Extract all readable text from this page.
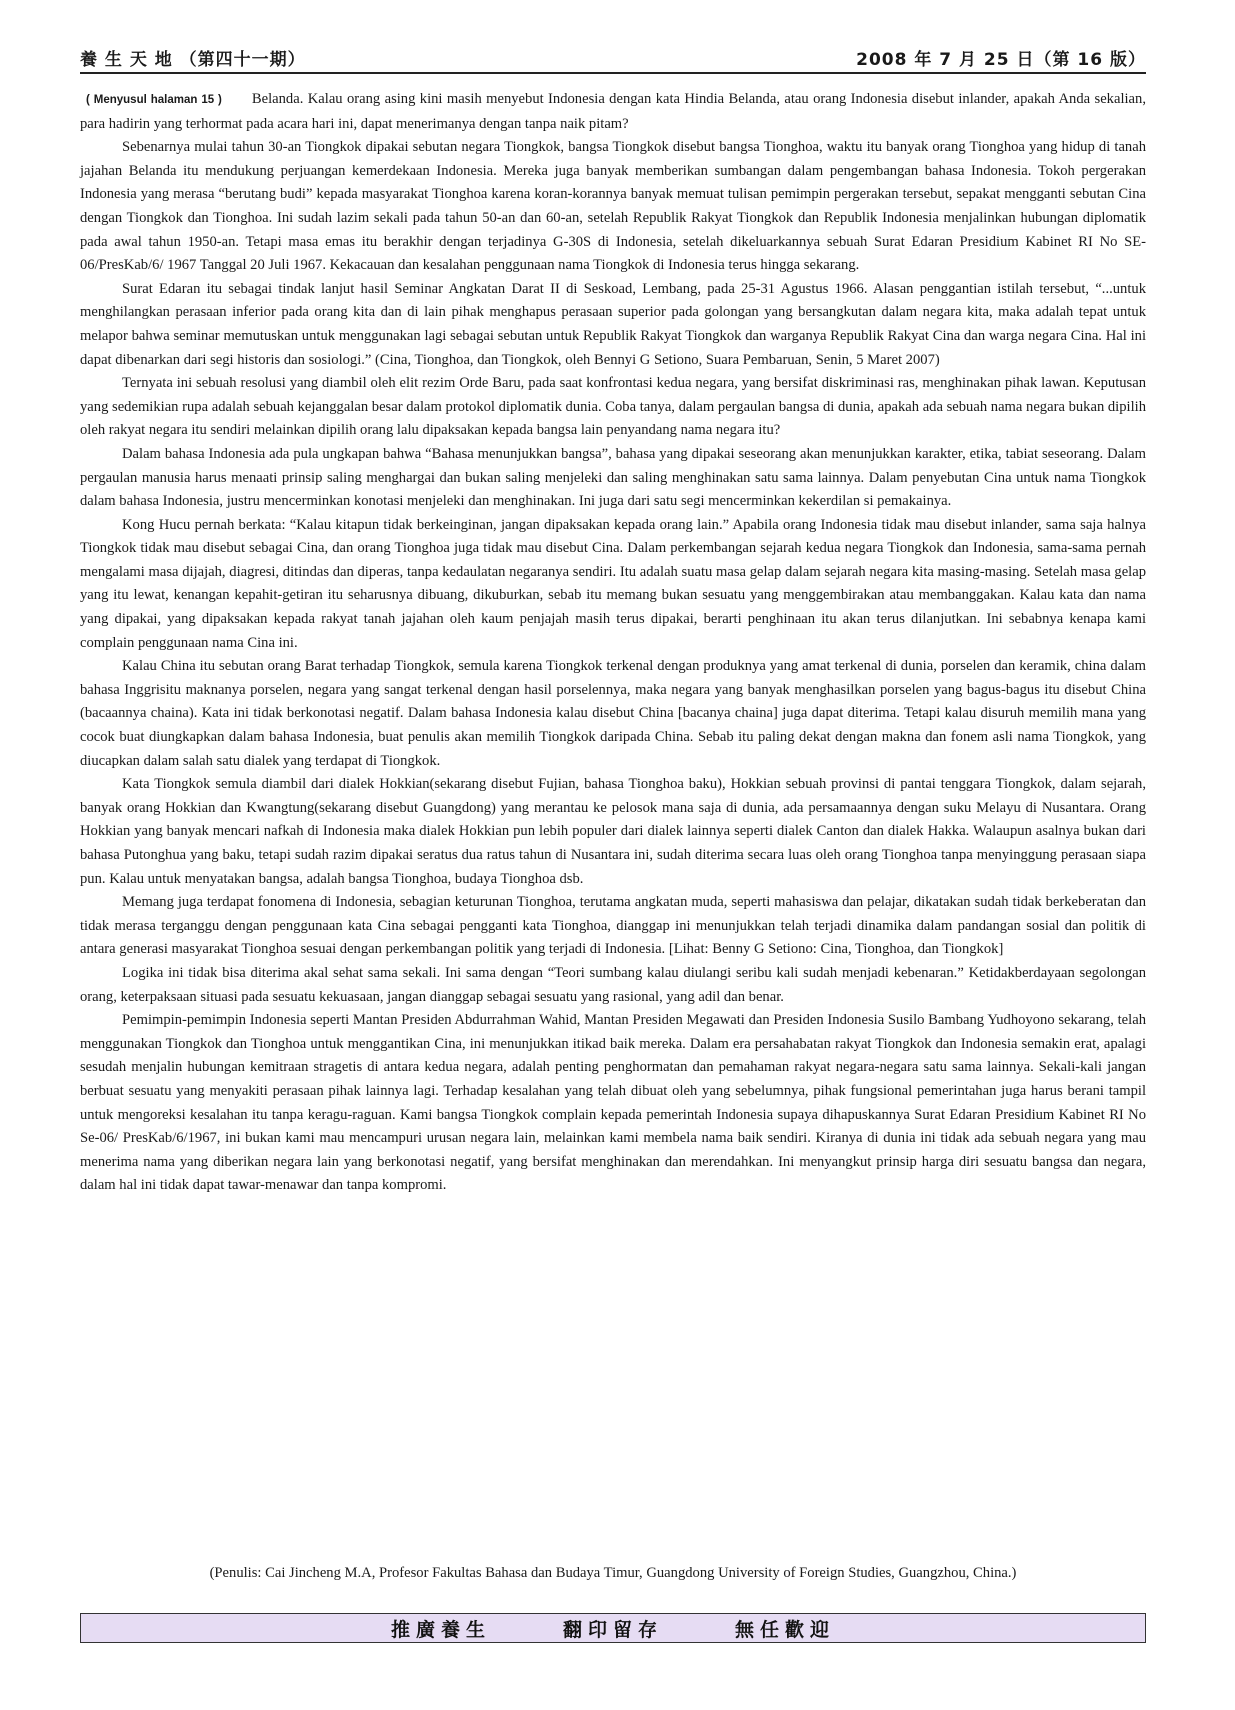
養 生 天 地 （第四十一期）	2008 年 7 月 25 日（第 16 版）

( Menyusul halaman 15 ) Belanda. Kalau orang asing kini masih menyebut Indonesia dengan kata Hindia Belanda, atau orang Indonesia disebut inlander, apakah Anda sekalian, para hadirin yang terhormat pada acara hari ini, dapat menerimanya dengan tanpa naik pitam?

Sebenarnya mulai tahun 30-an Tiongkok dipakai sebutan negara Tiongkok, bangsa Tiongkok disebut bangsa Tionghoa, waktu itu banyak orang Tionghoa yang hidup di tanah jajahan Belanda itu mendukung perjuangan kemerdekaan Indonesia. Mereka juga banyak memberikan sumbangan dalam pengembangan bahasa Indonesia. Tokoh pergerakan Indonesia yang merasa “berutang budi” kepada masyarakat Tionghoa karena koran-korannya banyak memuat tulisan pemimpin pergerakan tersebut, sepakat mengganti sebutan Cina dengan Tiongkok dan Tionghoa. Ini sudah lazim sekali pada tahun 50-an dan 60-an, setelah Republik Rakyat Tiongkok dan Republik Indonesia menjalinkan hubungan diplomatik pada awal tahun 1950-an. Tetapi masa emas itu berakhir dengan terjadinya G-30S di Indonesia, setelah dikeluarkannya sebuah Surat Edaran Presidium Kabinet RI No SE-06/PresKab/6/ 1967 Tanggal 20 Juli 1967. Kekacauan dan kesalahan penggunaan nama Tiongkok di Indonesia terus hingga sekarang.

Surat Edaran itu sebagai tindak lanjut hasil Seminar Angkatan Darat II di Seskoad, Lembang, pada 25-31 Agustus 1966. Alasan penggantian istilah tersebut, “...untuk menghilangkan perasaan inferior pada orang kita dan di lain pihak menghapus perasaan superior pada golongan yang bersangkutan dalam negara kita, maka adalah tepat untuk melapor bahwa seminar memutuskan untuk menggunakan lagi sebagai sebutan untuk Republik Rakyat Tiongkok dan warganya Republik Rakyat Cina dan warga negara Cina. Hal ini dapat dibenarkan dari segi historis dan sosiologi.” (Cina, Tionghoa, dan Tiongkok, oleh Bennyi G Setiono, Suara Pembaruan, Senin, 5 Maret 2007)

Ternyata ini sebuah resolusi yang diambil oleh elit rezim Orde Baru, pada saat konfrontasi kedua negara, yang bersifat diskriminasi ras, menghinakan pihak lawan. Keputusan yang sedemikian rupa adalah sebuah kejanggalan besar dalam protokol diplomatik dunia. Coba tanya, dalam pergaulan bangsa di dunia, apakah ada sebuah nama negara bukan dipilih oleh rakyat negara itu sendiri melainkan dipilih orang lalu dipaksakan kepada bangsa lain penyandang nama negara itu?

Dalam bahasa Indonesia ada pula ungkapan bahwa “Bahasa menunjukkan bangsa”, bahasa yang dipakai seseorang akan menunjukkan karakter, etika, tabiat seseorang. Dalam pergaulan manusia harus menaati prinsip saling menghargai dan bukan saling menjeleki dan saling menghinakan satu sama lainnya. Dalam penyebutan Cina untuk nama Tiongkok dalam bahasa Indonesia, justru mencerminkan konotasi menjeleki dan menghinakan. Ini juga dari satu segi mencerminkan kekerdilan si pemakainya.

Kong Hucu pernah berkata: “Kalau kitapun tidak berkeinginan, jangan dipaksakan kepada orang lain.” Apabila orang Indonesia tidak mau disebut inlander, sama saja halnya Tiongkok tidak mau disebut sebagai Cina, dan orang Tionghoa juga tidak mau disebut Cina. Dalam perkembangan sejarah kedua negara Tiongkok dan Indonesia, sama-sama pernah mengalami masa dijajah, diagresi, ditindas dan diperas, tanpa kedaulatan negaranya sendiri. Itu adalah suatu masa gelap dalam sejarah negara kita masing-masing. Setelah masa gelap yang itu lewat, kenangan kepahit-getiran itu seharusnya dibuang, dikuburkan, sebab itu memang bukan sesuatu yang menggembirakan atau membanggakan. Kalau kata dan nama yang dipakai, yang dipaksakan kepada rakyat tanah jajahan oleh kaum penjajah masih terus dipakai, berarti penghinaan itu akan terus dilanjutkan. Ini sebabnya kenapa kami complain penggunaan nama Cina ini.

Kalau China itu sebutan orang Barat terhadap Tiongkok, semula karena Tiongkok terkenal dengan produknya yang amat terkenal di dunia, porselen dan keramik, china dalam bahasa Inggrisitu maknanya porselen, negara yang sangat terkenal dengan hasil porselennya, maka negara yang banyak menghasilkan porselen yang bagus-bagus itu disebut China (bacaannya chaina). Kata ini tidak berkonotasi negatif. Dalam bahasa Indonesia kalau disebut China [bacanya chaina] juga dapat diterima. Tetapi kalau disuruh memilih mana yang cocok buat diungkapkan dalam bahasa Indonesia, buat penulis akan memilih Tiongkok daripada China. Sebab itu paling dekat dengan makna dan fonem asli nama Tiongkok, yang diucapkan dalam salah satu dialek yang terdapat di Tiongkok.

Kata Tiongkok semula diambil dari dialek Hokkian(sekarang disebut Fujian, bahasa Tionghoa baku), Hokkian sebuah provinsi di pantai tenggara Tiongkok, dalam sejarah, banyak orang Hokkian dan Kwangtung(sekarang disebut Guangdong) yang merantau ke pelosok mana saja di dunia, ada persamaannya dengan suku Melayu di Nusantara. Orang Hokkian yang banyak mencari nafkah di Indonesia maka dialek Hokkian pun lebih populer dari dialek lainnya seperti dialek Canton dan dialek Hakka. Walaupun asalnya bukan dari bahasa Putonghua yang baku, tetapi sudah razim dipakai seratus dua ratus tahun di Nusantara ini, sudah diterima secara luas oleh orang Tionghoa tanpa menyinggung perasaan siapa pun. Kalau untuk menyatakan bangsa, adalah bangsa Tionghoa, budaya Tionghoa dsb.

Memang juga terdapat fonomena di Indonesia, sebagian keturunan Tionghoa, terutama angkatan muda, seperti mahasiswa dan pelajar, dikatakan sudah tidak berkeberatan dan tidak merasa terganggu dengan penggunaan kata Cina sebagai pengganti kata Tionghoa, dianggap ini menunjukkan telah terjadi dinamika dalam pandangan sosial dan politik di antara generasi masyarakat Tionghoa sesuai dengan perkembangan politik yang terjadi di Indonesia. [Lihat: Benny G Setiono: Cina, Tionghoa, dan Tiongkok]

Logika ini tidak bisa diterima akal sehat sama sekali. Ini sama dengan “Teori sumbang kalau diulangi seribu kali sudah menjadi kebenaran.” Ketidakberdayaan segolongan orang, keterpaksaan situasi pada sesuatu kekuasaan, jangan dianggap sebagai sesuatu yang rasional, yang adil dan benar.

Pemimpin-pemimpin Indonesia seperti Mantan Presiden Abdurrahman Wahid, Mantan Presiden Megawati dan Presiden Indonesia Susilo Bambang Yudhoyono sekarang, telah menggunakan Tiongkok dan Tionghoa untuk menggantikan Cina, ini menunjukkan itikad baik mereka. Dalam era persahabatan rakyat Tiongkok dan Indonesia semakin erat, apalagi sesudah menjalin hubungan kemitraan stragetis di antara kedua negara, adalah penting penghormatan dan pemahaman rakyat negara-negara satu sama lainnya. Sekali-kali jangan berbuat sesuatu yang menyakiti perasaan pihak lainnya lagi. Terhadap kesalahan yang telah dibuat oleh yang sebelumnya, pihak fungsional pemerintahan juga harus berani tampil untuk mengoreksi kesalahan itu tanpa keragu-raguan. Kami bangsa Tiongkok complain kepada pemerintah Indonesia supaya dihapuskannya Surat Edaran Presidium Kabinet RI No Se-06/ PresKab/6/1967, ini bukan kami mau mencampuri urusan negara lain, melainkan kami membela nama baik sendiri. Kiranya di dunia ini tidak ada sebuah negara yang mau menerima nama yang diberikan negara lain yang berkonotasi negatif, yang bersifat menghinakan dan merendahkan. Ini menyangkut prinsip harga diri sesuatu bangsa dan negara, dalam hal ini tidak dapat tawar-menawar dan tanpa kompromi.

(Penulis: Cai Jincheng M.A, Profesor Fakultas Bahasa dan Budaya Timur, Guangdong University of Foreign Studies, Guangzhou, China.)
推廣養生	翻印留存	無任歡迎
